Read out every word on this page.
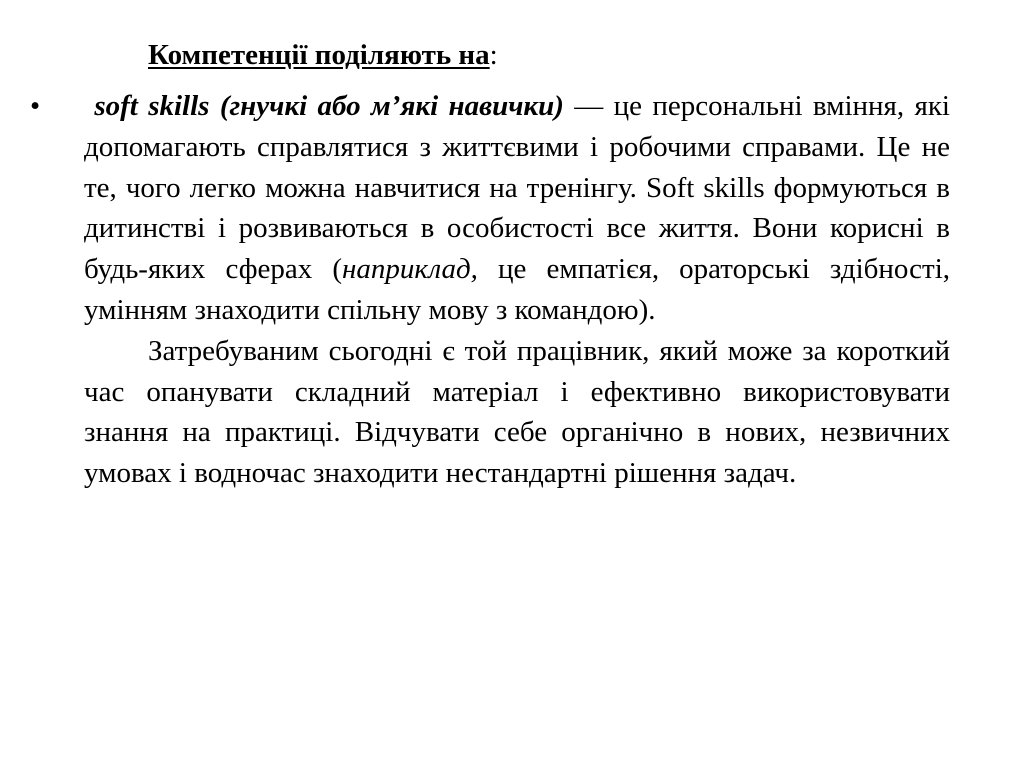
Компетенції поділяють на:
•	soft skills (гнучкі або м’які навички) — це персональні вміння, які допомагають справлятися з життєвими і робочими справами. Це не те, чого легко можна навчитися на тренінгу. Soft skills формуються в дитинстві і розвиваються в особистості все життя. Вони корисні в будь-яких сферах (наприклад, це емпатієя, ораторські здібності, умінням знаходити спільну мову з командою).

Затребуваним сьогодні є той працівник, який може за короткий час опанувати складний матеріал і ефективно використовувати знання на практиці. Відчувати себе органічно в нових, незвичних умовах і водночас знаходити нестандартні рішення задач.
